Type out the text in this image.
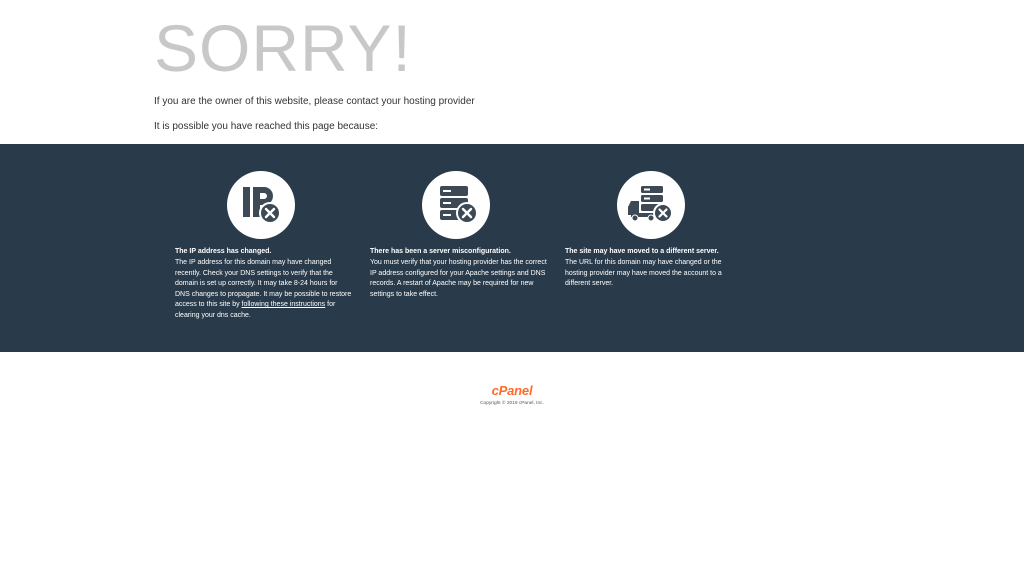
SORRY!
If you are the owner of this website, please contact your hosting provider
It is possible you have reached this page because:
The IP address has changed.
The IP address for this domain may have changed recently. Check your DNS settings to verify that the domain is set up correctly. It may take 8-24 hours for DNS changes to propagate. It may be possible to restore access to this site by following these instructions for clearing your dns cache.
There has been a server misconfiguration.
You must verify that your hosting provider has the correct IP address configured for your Apache settings and DNS records. A restart of Apache may be required for new settings to take effect.
The site may have moved to a different server.
The URL for this domain may have changed or the hosting provider may have moved the account to a different server.
cPanel
Copyright © 2019 cPanel, Inc.
